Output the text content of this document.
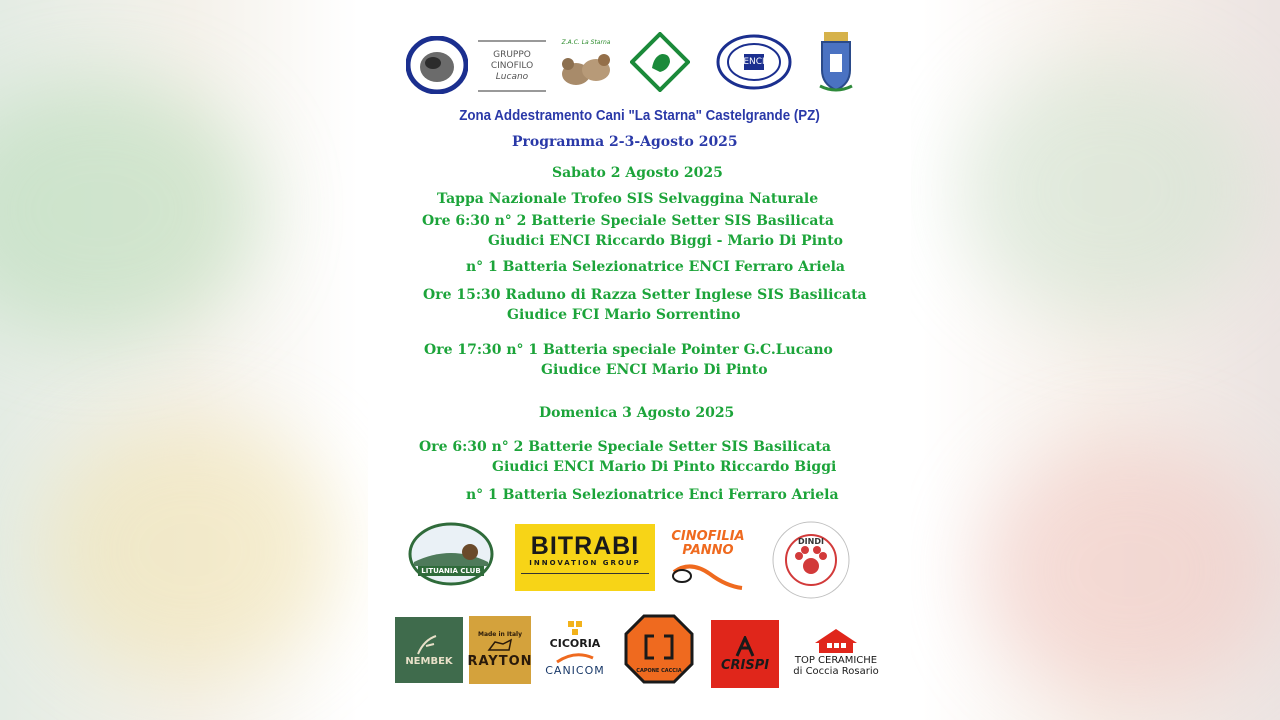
GRUPPO
CINOFILO
Lucano
Z.A.C. La Starna
ENCI
Zona Addestramento Cani "La Starna" Castelgrande (PZ)
Programma 2-3-Agosto 2025
Sabato 2 Agosto 2025
Tappa Nazionale Trofeo SIS Selvaggina Naturale
Ore 6:30 n° 2 Batterie Speciale Setter SIS Basilicata
Giudici ENCI Riccardo Biggi - Mario Di Pinto
n° 1 Batteria Selezionatrice ENCI Ferraro Ariela
Ore 15:30 Raduno di Razza Setter Inglese SIS Basilicata
Giudice FCI Mario Sorrentino
Ore 17:30 n° 1 Batteria speciale Pointer G.C.Lucano
Giudice ENCI Mario Di Pinto
Domenica 3 Agosto 2025
Ore 6:30 n° 2 Batterie Speciale Setter SIS Basilicata
Giudici ENCI Mario Di Pinto Riccardo Biggi
n° 1 Batteria Selezionatrice Enci Ferraro Ariela
LITUANIA CLUB
BITRABI
INNOVATION GROUP
CINOFILIA
PANNO
DINDI
NEMBEK
Made in Italy
RAYTON
CICORIA
CANICOM	CAPONE CACCIA	CRISPI	TOP CERAMICHE
di Coccia Rosario
